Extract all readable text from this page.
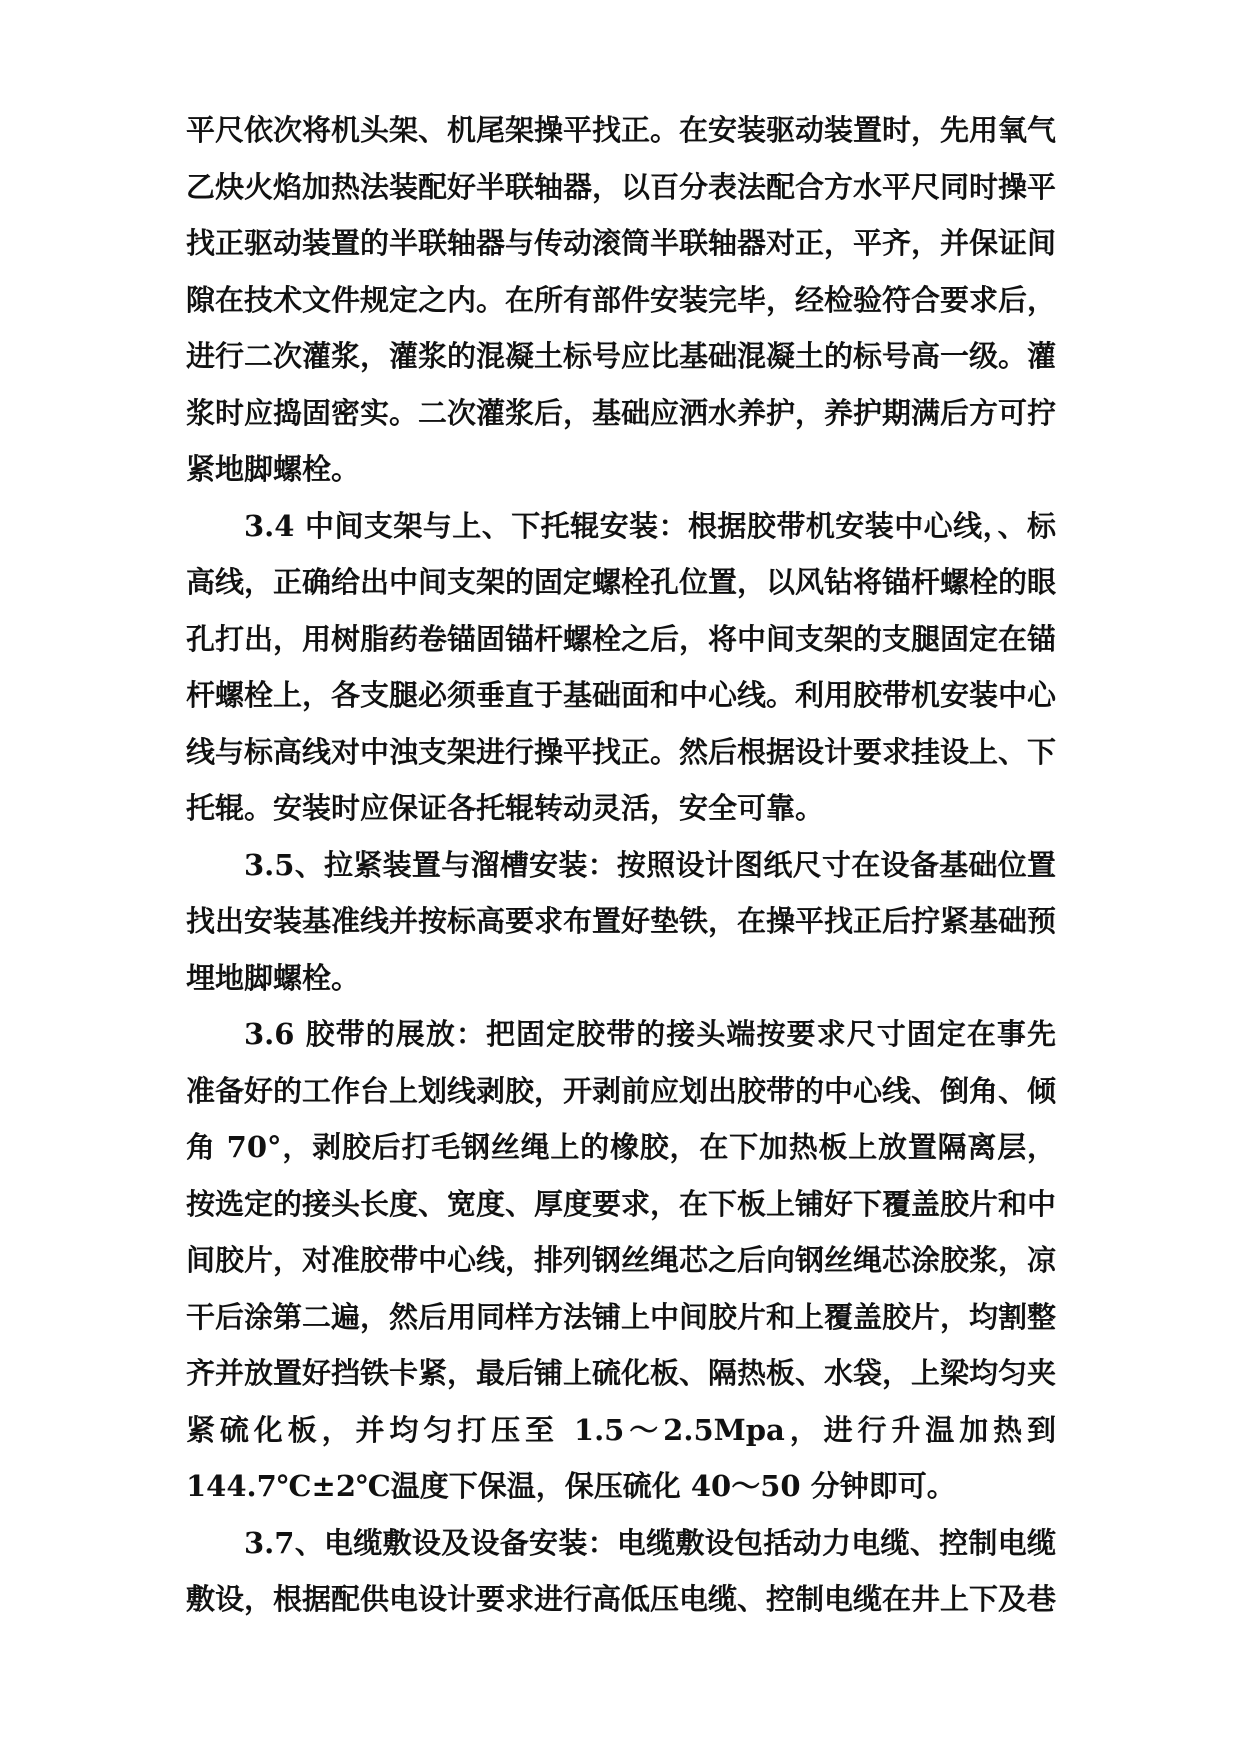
平尺依次将机头架、机尾架操平找正。在安装驱动装置时，先用氧气乙炔火焰加热法装配好半联轴器，以百分表法配合方水平尺同时操平找正驱动装置的半联轴器与传动滚筒半联轴器对正，平齐，并保证间隙在技术文件规定之内。在所有部件安装完毕，经检验符合要求后，进行二次灌浆，灌浆的混凝土标号应比基础混凝土的标号高一级。灌浆时应捣固密实。二次灌浆后，基础应洒水养护，养护期满后方可拧紧地脚螺栓。

3.4 中间支架与上、下托辊安装：根据胶带机安装中心线，、标高线，正确给出中间支架的固定螺栓孔位置，以风钻将锚杆螺栓的眼孔打出，用树脂药卷锚固锚杆螺栓之后，将中间支架的支腿固定在锚杆螺栓上，各支腿必须垂直于基础面和中心线。利用胶带机安装中心线与标高线对中浊支架进行操平找正。然后根据设计要求挂设上、下托辊。安装时应保证各托辊转动灵活，安全可靠。

3.5、拉紧装置与溜槽安装：按照设计图纸尺寸在设备基础位置找出安装基准线并按标高要求布置好垫铁，在操平找正后拧紧基础预埋地脚螺栓。

3.6 胶带的展放：把固定胶带的接头端按要求尺寸固定在事先准备好的工作台上划线剥胶，开剥前应划出胶带的中心线、倒角、倾角 70°，剥胶后打毛钢丝绳上的橡胶，在下加热板上放置隔离层，按选定的接头长度、宽度、厚度要求，在下板上铺好下覆盖胶片和中间胶片，对准胶带中心线，排列钢丝绳芯之后向钢丝绳芯涂胶浆，凉干后涂第二遍，然后用同样方法铺上中间胶片和上覆盖胶片，均割整齐并放置好挡铁卡紧，最后铺上硫化板、隔热板、水袋，上梁均匀夹紧硫化板，并均匀打压至 1.5～2.5Mpa，进行升温加热到 144.7℃±2℃温度下保温，保压硫化 40～50 分钟即可。

3.7、电缆敷设及设备安装：电缆敷设包括动力电缆、控制电缆敷设，根据配供电设计要求进行高低压电缆、控制电缆在井上下及巷
